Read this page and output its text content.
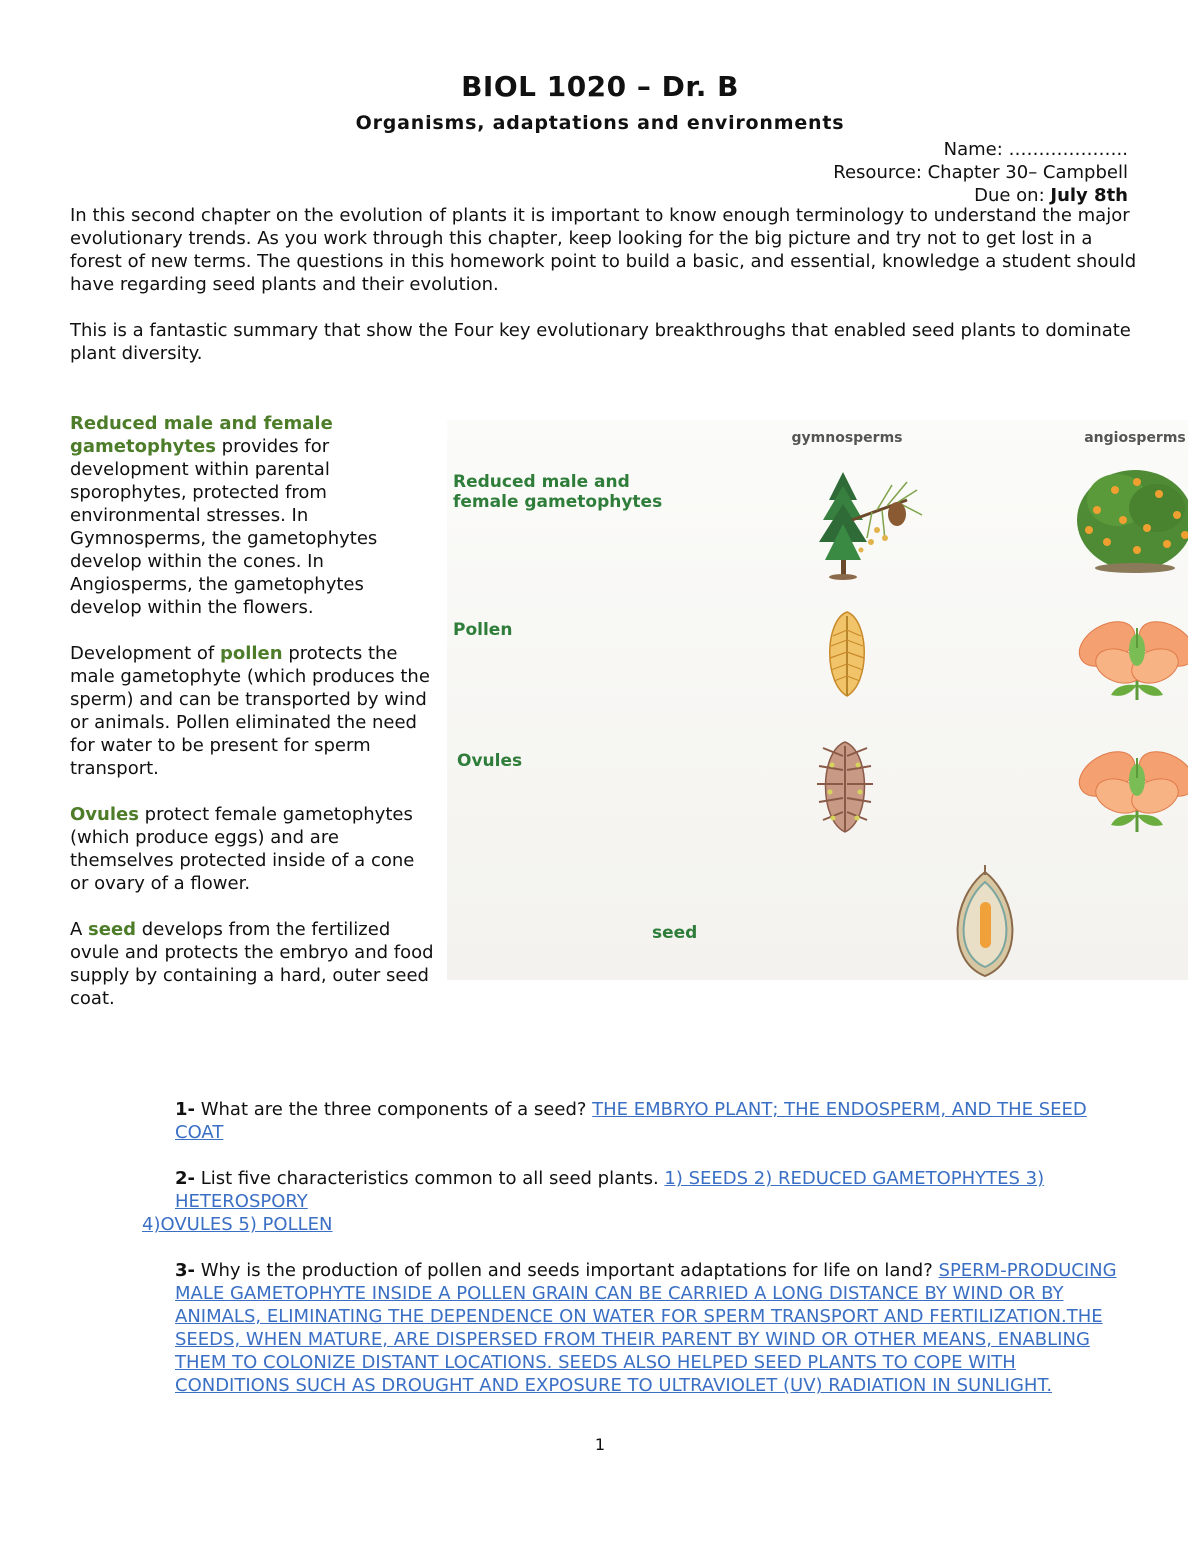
BIOL 1020 – Dr. B
Organisms, adaptations and environments
Name: ………………..
Resource: Chapter 30– Campbell
Due on: July 8th

In this second chapter on the evolution of plants it is important to know enough terminology to understand the major evolutionary trends. As you work through this chapter, keep looking for the big picture and try not to get lost in a forest of new terms. The questions in this homework point to build a basic, and essential, knowledge a student should have regarding seed plants and their evolution.

This is a fantastic summary that show the Four key evolutionary breakthroughs that enabled seed plants to dominate plant diversity.

Reduced male and female gametophytes provides for development within parental sporophytes, protected from environmental stresses. In Gymnosperms, the gametophytes develop within the cones. In Angiosperms, the gametophytes develop within the flowers.

Development of pollen protects the male gametophyte (which produces the sperm) and can be transported by wind or animals. Pollen eliminated the need for water to be present for sperm transport.

Ovules protect female gametophytes (which produce eggs) and are themselves protected inside of a cone or ovary of a flower.

A seed develops from the fertilized ovule and protects the embryo and food supply by containing a hard, outer seed coat.

gymnosperms	angiosperms
Reduced male and
female gametophytes
Pollen
Ovules
seed

1- What are the three components of a seed? THE EMBRYO PLANT; THE ENDOSPERM, AND THE SEED COAT

2- List five characteristics common to all seed plants. 1) SEEDS 2) REDUCED GAMETOPHYTES 3) HETEROSPORY

4)OVULES 5) POLLEN

3- Why is the production of pollen and seeds important adaptations for life on land? SPERM-PRODUCING MALE GAMETOPHYTE INSIDE A POLLEN GRAIN CAN BE CARRIED A LONG DISTANCE BY WIND OR BY ANIMALS, ELIMINATING THE DEPENDENCE ON WATER FOR SPERM TRANSPORT AND FERTILIZATION.THE SEEDS, WHEN MATURE, ARE DISPERSED FROM THEIR PARENT BY WIND OR OTHER MEANS, ENABLING THEM TO COLONIZE DISTANT LOCATIONS. SEEDS ALSO HELPED SEED PLANTS TO COPE WITH CONDITIONS SUCH AS DROUGHT AND EXPOSURE TO ULTRAVIOLET (UV) RADIATION IN SUNLIGHT.

1
